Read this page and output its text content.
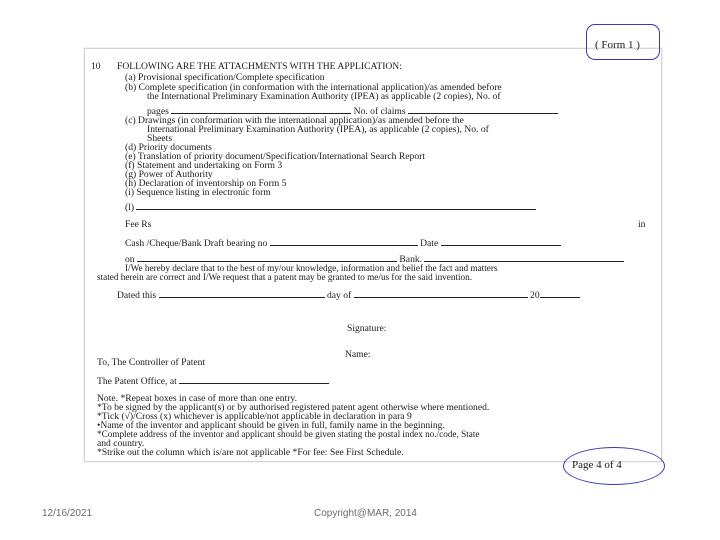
10 FOLLOWING ARE THE ATTACHMENTS WITH THE APPLICATION:
(a) Provisional specification/Complete specification
(b) Complete specification (in conformation with the international application)/as amended before
the International Preliminary Examination Authority (IPEA) as applicable (2 copies), No. of
pages	No. of claims
(c) Drawings (in conformation with the international application)/as amended before the
International Preliminary Examination Authority (IPEA), as applicable (2 copies), No. of
Sheets
(d) Priority documents
(e) Translation of priority document/Specification/International Search Report
(f) Statement and undertaking on Form 3
(g) Power of Authority
(h) Declaration of inventorship on Form 5
(i) Sequence listing in electronic form
(l)
Fee Rs	in
Cash /Cheque/Bank Draft bearing no	Date
on	Bank.
I/We hereby declare that to the best of my/our knowledge, information and belief the fact and matters
stated herein are correct and I/We request that a patent may be granted to me/us for the said invention.
Dated this	day of	20
Signature:
Name:
To, The Controller of Patent
The Patent Office, at
Note. *Repeat boxes in case of more than one entry.
*To be signed by the applicant(s) or by authorised registered patent agent otherwise where mentioned.
*Tick (√)/Cross (x) whichever is applicable/not applicable in declaration in para 9
•Name of the inventor and applicant should be given in full, family name in the beginning.
*Complete address of the inventor and applicant should be given stating the postal index no./code, State
and country.
*Strike out the column which is/are not applicable *For fee: See First Schedule.
( Form 1 )
Page 4 of 4
12/16/2021	Copyright@MAR, 2014
